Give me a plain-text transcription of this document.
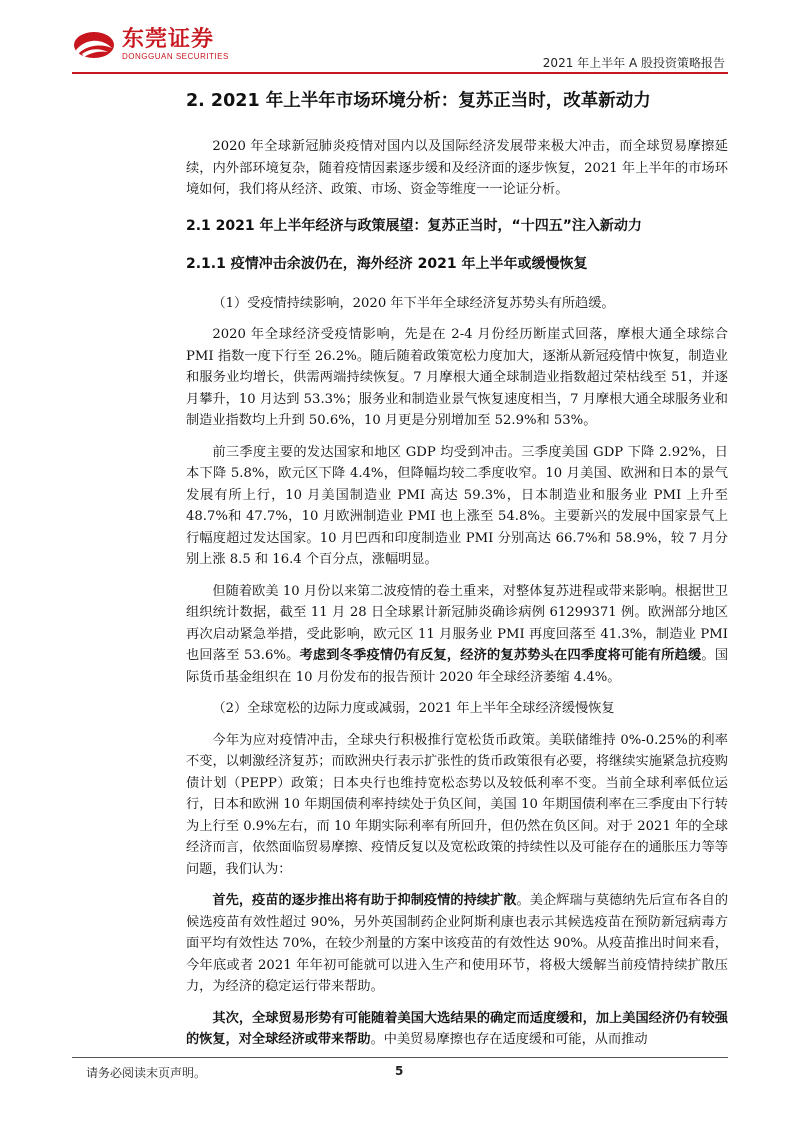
东莞证券
DONGGUAN SECURITIES	2021 年上半年 A 股投资策略报告
2. 2021 年上半年市场环境分析：复苏正当时，改革新动力

2020 年全球新冠肺炎疫情对国内以及国际经济发展带来极大冲击，而全球贸易摩擦延续，内外部环境复杂，随着疫情因素逐步缓和及经济面的逐步恢复，2021 年上半年的市场环境如何，我们将从经济、政策、市场、资金等维度一一论证分析。

2.1 2021 年上半年经济与政策展望：复苏正当时，“十四五”注入新动力
2.1.1 疫情冲击余波仍在，海外经济 2021 年上半年或缓慢恢复

（1）受疫情持续影响，2020 年下半年全球经济复苏势头有所趋缓。

2020 年全球经济受疫情影响，先是在 2-4 月份经历断崖式回落，摩根大通全球综合 PMI 指数一度下行至 26.2%。随后随着政策宽松力度加大，逐渐从新冠疫情中恢复，制造业和服务业均增长，供需两端持续恢复。7 月摩根大通全球制造业指数超过荣枯线至 51，并逐月攀升，10 月达到 53.3%；服务业和制造业景气恢复速度相当，7 月摩根大通全球服务业和制造业指数均上升到 50.6%，10 月更是分别增加至 52.9%和 53%。

前三季度主要的发达国家和地区 GDP 均受到冲击。三季度美国 GDP 下降 2.92%，日本下降 5.8%，欧元区下降 4.4%，但降幅均较二季度收窄。10 月美国、欧洲和日本的景气发展有所上行，10 月美国制造业 PMI 高达 59.3%，日本制造业和服务业 PMI 上升至 48.7%和 47.7%，10 月欧洲制造业 PMI 也上涨至 54.8%。主要新兴的发展中国家景气上行幅度超过发达国家。10 月巴西和印度制造业 PMI 分别高达 66.7%和 58.9%，较 7 月分别上涨 8.5 和 16.4 个百分点，涨幅明显。

但随着欧美 10 月份以来第二波疫情的卷土重来，对整体复苏进程或带来影响。根据世卫组织统计数据，截至 11 月 28 日全球累计新冠肺炎确诊病例 61299371 例。欧洲部分地区再次启动紧急举措，受此影响，欧元区 11 月服务业 PMI 再度回落至 41.3%，制造业 PMI 也回落至 53.6%。考虑到冬季疫情仍有反复，经济的复苏势头在四季度将可能有所趋缓。国际货币基金组织在 10 月份发布的报告预计 2020 年全球经济萎缩 4.4%。

（2）全球宽松的边际力度或减弱，2021 年上半年全球经济缓慢恢复

今年为应对疫情冲击，全球央行积极推行宽松货币政策。美联储维持 0%-0.25%的利率不变，以刺激经济复苏；而欧洲央行表示扩张性的货币政策很有必要，将继续实施紧急抗疫购债计划（PEPP）政策；日本央行也维持宽松态势以及较低利率不变。当前全球利率低位运行，日本和欧洲 10 年期国债利率持续处于负区间，美国 10 年期国债利率在三季度由下行转为上行至 0.9%左右，而 10 年期实际利率有所回升，但仍然在负区间。对于 2021 年的全球经济而言，依然面临贸易摩擦、疫情反复以及宽松政策的持续性以及可能存在的通胀压力等等问题，我们认为：

首先，疫苗的逐步推出将有助于抑制疫情的持续扩散。美企辉瑞与莫德纳先后宣布各自的候选疫苗有效性超过 90%，另外英国制药企业阿斯利康也表示其候选疫苗在预防新冠病毒方面平均有效性达 70%，在较少剂量的方案中该疫苗的有效性达 90%。从疫苗推出时间来看，今年底或者 2021 年年初可能就可以进入生产和使用环节，将极大缓解当前疫情持续扩散压力，为经济的稳定运行带来帮助。

其次，全球贸易形势有可能随着美国大选结果的确定而适度缓和，加上美国经济仍有较强的恢复，对全球经济或带来帮助。中美贸易摩擦也存在适度缓和可能，从而推动

请务必阅读末页声明。	5
